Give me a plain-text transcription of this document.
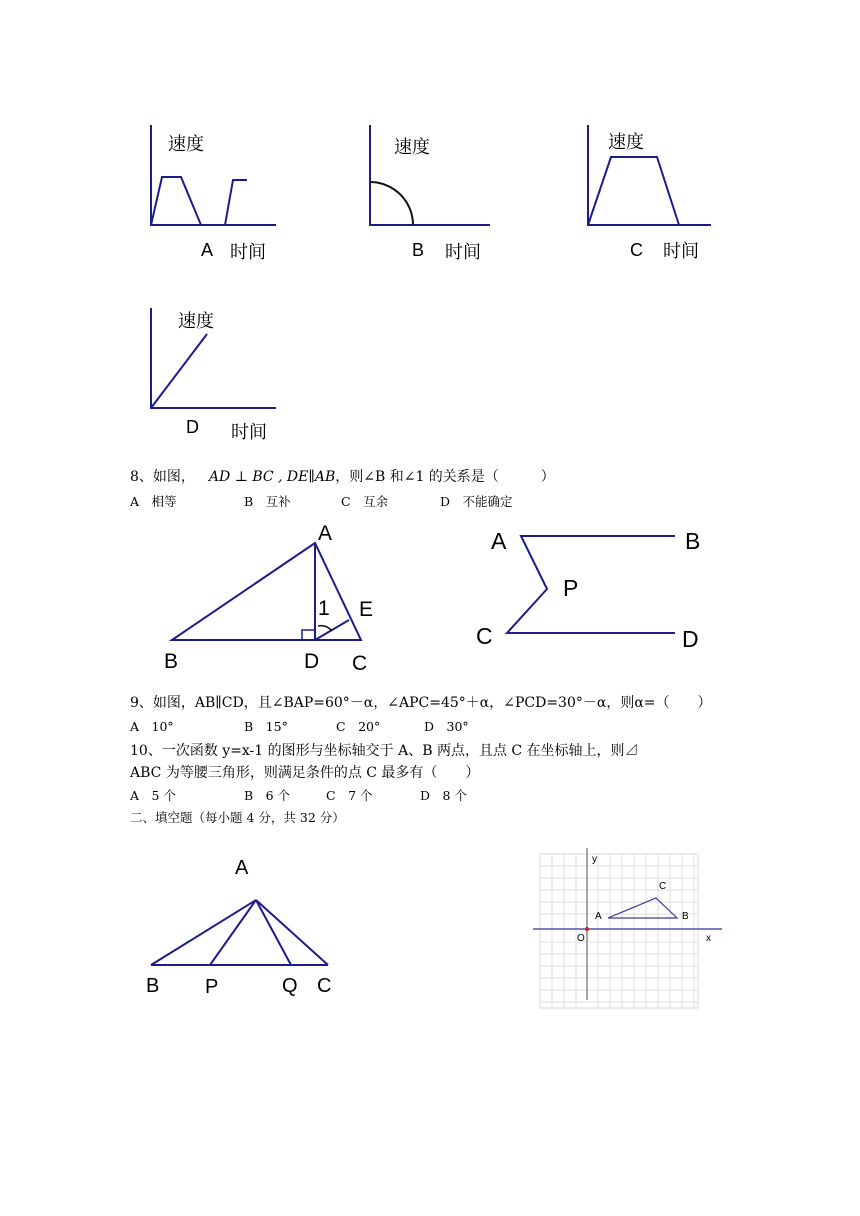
速度
A 时间
速度
B 时间
速度
C 时间
速度
D 时间
8、如图， AD ⊥ BC , DE∥AB，则∠B 和∠1 的关系是（　　　）
A　相等	B　互补	C　互余	D　不能确定
A
B	D C
E
1
A	B
P
C	D
9、如图，AB∥CD，且∠BAP=60°－α，∠APC=45°＋α，∠PCD=30°－α，则α=（　　）
A　10°	B　15°	C　20°	D　30°
10、一次函数 y=x-1 的图形与坐标轴交于 A、B 两点，且点 C 在坐标轴上，则⊿
ABC 为等腰三角形，则满足条件的点 C 最多有（　　）
A　5 个	B　6 个	C　7 个	D　8 个
二、填空题（每小题 4 分，共 32 分）
A
B P	Q C
y
x
O
A	B
C
